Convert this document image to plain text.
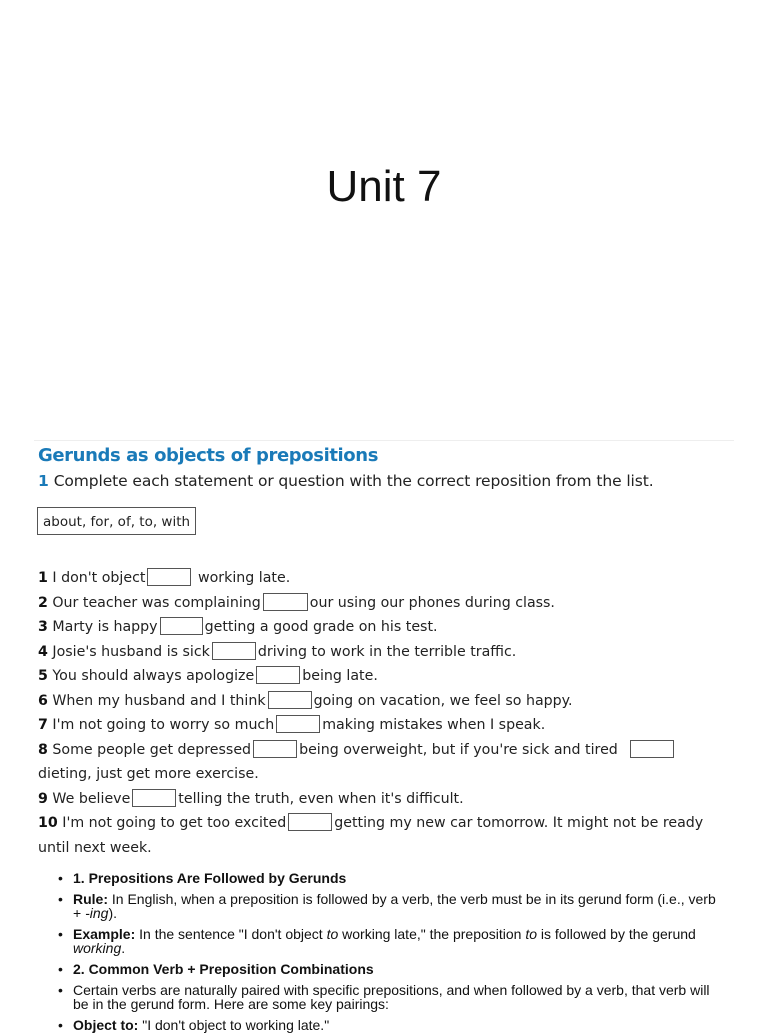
Unit 7
Gerunds as objects of prepositions
1 Complete each statement or question with the correct reposition from the list.
about, for, of, to, with
1 I don't object	working late.
2 Our teacher was complaining	our using our phones during class.
3 Marty is happy	getting a good grade on his test.
4 Josie's husband is sick	driving to work in the terrible traffic.
5 You should always apologize	being late.
6 When my husband and I think	going on vacation, we feel so happy.
7 I'm not going to worry so much	making mistakes when I speak.
8 Some people get depressed	being overweight, but if you're sick and tired
dieting, just get more exercise.
9 We believe	telling the truth, even when it's difficult.
10 I'm not going to get too excited	getting my new car tomorrow. It might not be ready
until next week.
• 1. Prepositions Are Followed by Gerunds
• Rule: In English, when a preposition is followed by a verb, the verb must be in its gerund form (i.e., verb + -ing).
• Example: In the sentence "I don't object to working late," the preposition to is followed by the gerund working.
• 2. Common Verb + Preposition Combinations
• Certain verbs are naturally paired with specific prepositions, and when followed by a verb, that verb will be in the gerund form. Here are some key pairings:
• Object to: "I don't object to working late."
